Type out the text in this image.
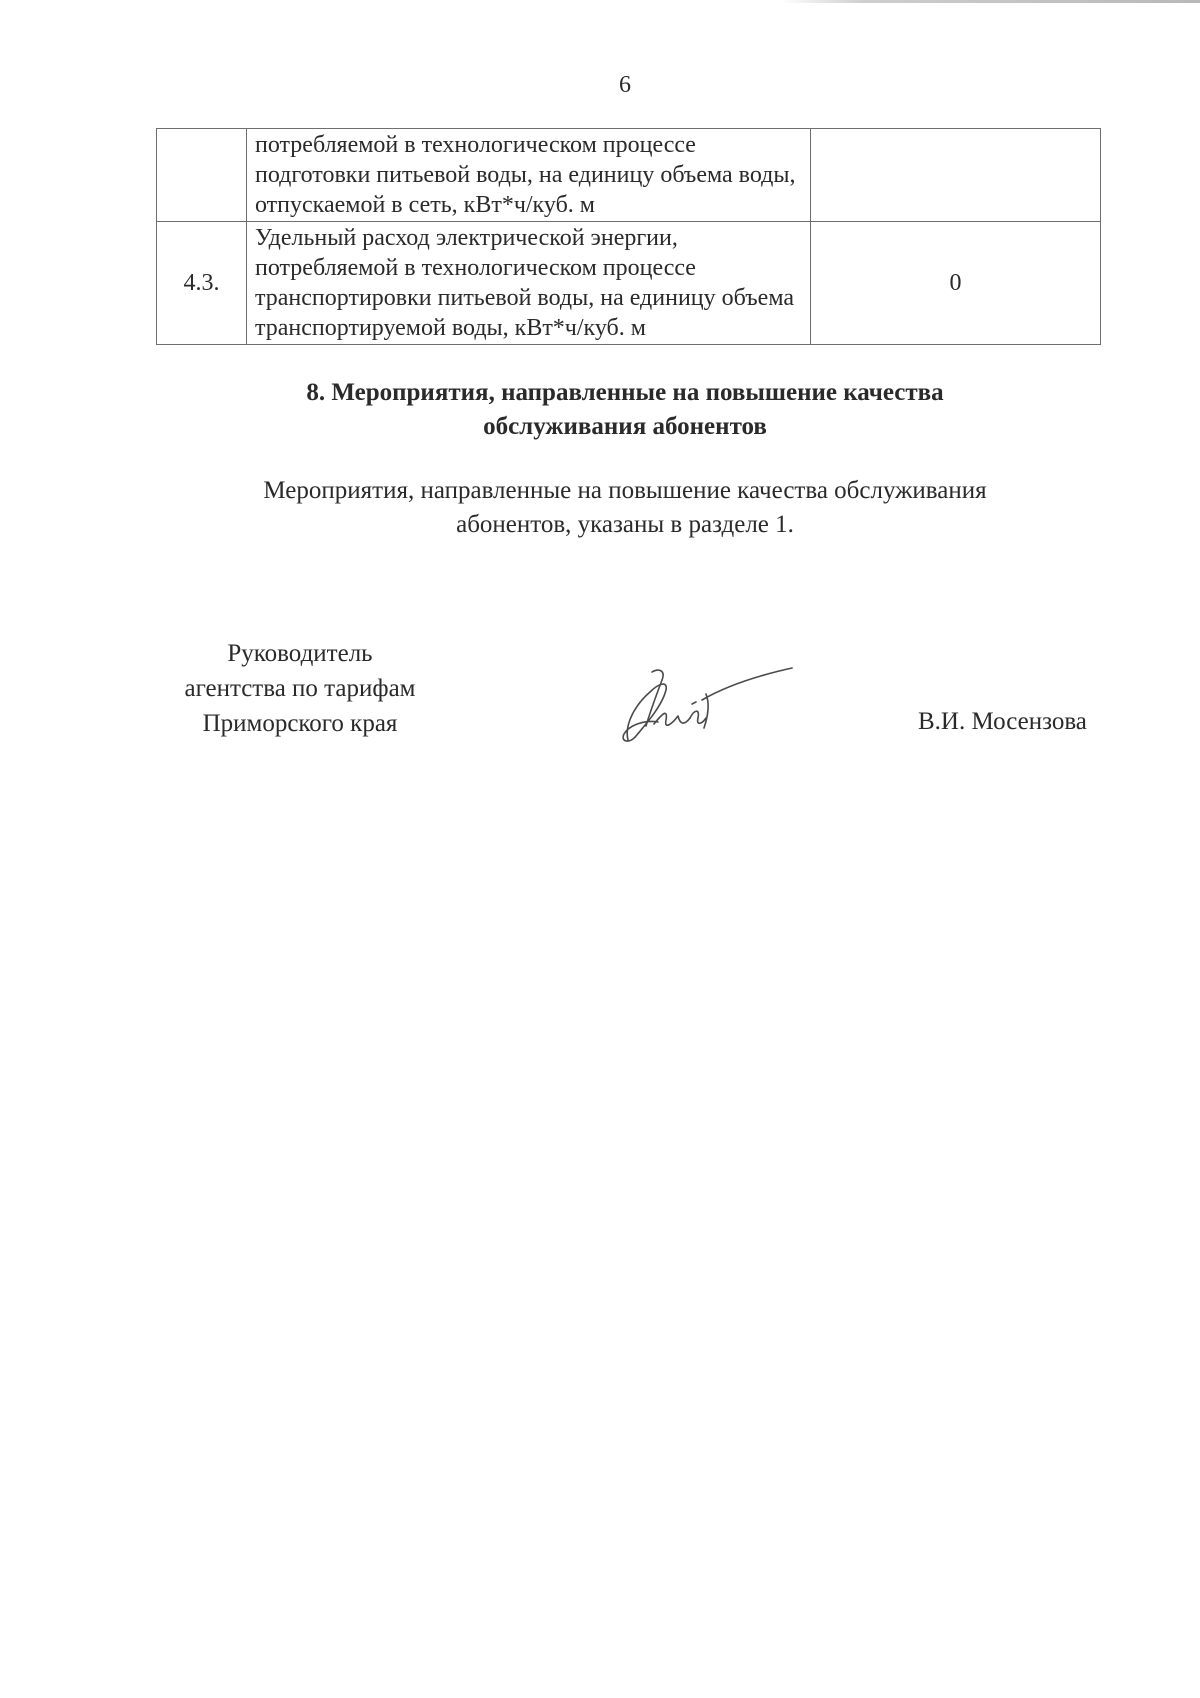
6
	потребляемой в технологическом процессе подготовки питьевой воды, на единицу объема воды, отпускаемой в сеть, кВт*ч/куб. м	
4.3.	Удельный расход электрической энергии, потребляемой в технологическом процессе транспортировки питьевой воды, на единицу объема транспортируемой воды, кВт*ч/куб. м	0
8. Мероприятия, направленные на повышение качества
обслуживания абонентов
Мероприятия, направленные на повышение качества обслуживания
абонентов, указаны в разделе 1.
Руководитель
агентства по тарифам
Приморского края	В.И. Мосензова
